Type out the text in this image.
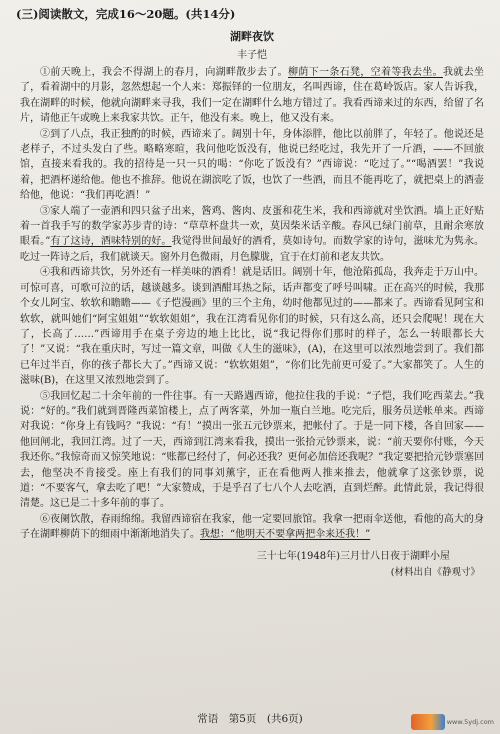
(三)阅读散文，完成16～20题。(共14分)
湖畔夜饮
丰子恺

①前天晚上，我会不得湖上的春月，向湖畔散步去了。柳荫下一条石凳，空着等我去坐。我就去坐了，看着湖中的月影，忽然想起一个人来：郑振铎的一位朋友，名叫西谛，住在葛岭饭店。家人告诉我，我在湖畔的时候，他就向湖畔来寻我，我们一定在湖畔什么地方错过了。我看西谛来过的东西，给留了名片，请他正午或晚上来我家共饮。正午，他没有来。晚上，他又没有来。

②到了八点，我正独酌的时候，西谛来了。阔别十年，身体添胖，他比以前胖了，年轻了。他说还是老样子，不过头发白了些。略略寒暄，我问他吃饭没有，他说已经吃过，我先开了一斤酒，——不回旅馆，直接来看我的。我的招待是一只一只的喝：“你吃了饭没有？”西谛说：“吃过了。”“喝酒罢！”我说着，把酒杯递给他。他也不推辞。他说在湖滨吃了饭，也饮了一些酒，而且不能再吃了，就把桌上的酒壶给他，他说：“我们再吃酒！”

③家人端了一壶酒和四只盆子出来，酱鸡、酱肉、皮蛋和花生米，我和西谛就对坐饮酒。墙上正好贴着一首我手写的数学家苏步青的诗：“草草杯盘共一欢，莫因柴米话辛酸。春风已绿门前草，且耐余寒放眼看。”有了这诗，酒味特别的好。我觉得世间最好的酒肴，莫如诗句。而数学家的诗句，滋味尤为隽永。吃过一阵诗之后，我们就谈天。窗外月色微雨，月色朦胧，宜于在灯前和老友共饮。

④我和西谛共饮，另外还有一样美味的酒肴！就是话旧。阔别十年，他沧陷孤岛，我奔走于万山中。可惊可喜，可歌可泣的话，越谈越多。谈到酒酣耳热之际，话声都变了呼号叫啸。正在高兴的时候，我那个女儿阿宝、软软和瞻瞻——《子恺漫画》里的三个主角，幼时他都见过的——都来了。西谛看见阿宝和软软，就叫她们“阿宝姐姐”“软软姐姐”，我在江湾看见你们的时候，只有这么高，还只会爬呢！现在大了，长高了……”西谛用手在桌子旁边的地上比比，说“我记得你们那时的样子，怎么一转眼都长大了！”又说：“我在重庆时，写过一篇文章，叫做《人生的滋味》，(A)，在这里可以浓烈地尝到了。我们都已年过半百，你的孩子都长大了。”西谛又说：“软软姐姐”，“你们比先前更可爱了。”大家都笑了。人生的滋味(B)，在这里又浓烈地尝到了。

⑤我回忆起二十余年前的一件往事。有一天路遇西谛，他拉住我的手说：“子恺，我们吃西菜去。”我说：“好的。”我们就到晋隆西菜馆楼上，点了两客菜，外加一瓶白兰地。吃完后，服务员送帐单来。西谛对我说：“你身上有钱吗？”我说：“有！”摸出一张五元钞票来，把帐付了。于是一同下楼，各自回家——他回闸北，我回江湾。过了一天，西谛到江湾来看我，摸出一张拾元钞票来，说：“前天要你付账，今天我还你。”我惊奇而又惊笑地说：“账都已经付了，何必还我？更何必加倍还我呢？”我定要把拾元钞票塞回去，他坚决不肯接受。座上有我们的同事刘薰宇，正在看他两人推来推去，他就拿了这张钞票，说道：“不要客气，拿去吃了吧！”大家赞成，于是乎召了七八个人去吃酒，直到烂醉。此情此景，我记得很清楚。这已是二十多年前的事了。

⑥夜阑饮散，春雨绵绵。我留西谛宿在我家，他一定要回旅馆。我拿一把雨伞送他，看他的高大的身子在湖畔柳荫下的细雨中渐渐地消失了。我想：“他明天不要拿两把伞来还我！”

三十七年(1948年)三月廿八日夜于湖畔小屋
(材料出自《静观寸》
常语　第5页　(共6页)	www.5ydj.com
